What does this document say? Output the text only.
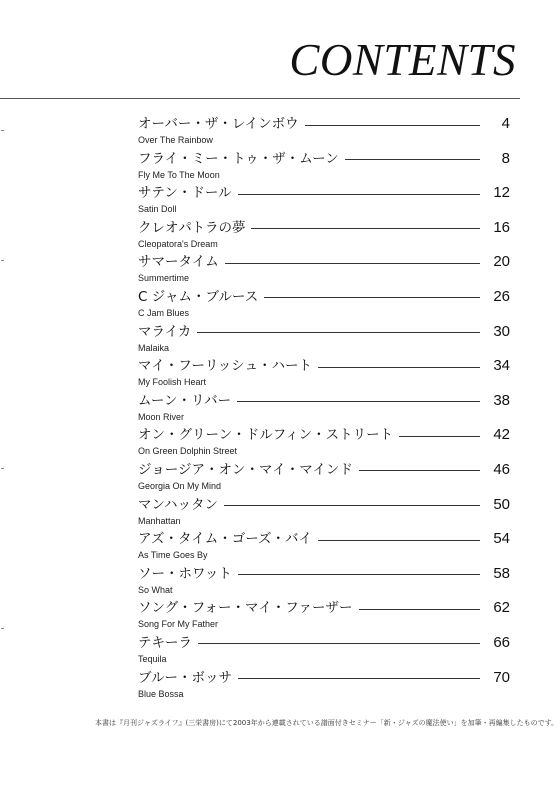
CONTENTS
オーバー・ザ・レインボウ	4
Over The Rainbow
フライ・ミー・トゥ・ザ・ムーン	8
Fly Me To The Moon
サテン・ドール	12
Satin Doll
クレオパトラの夢	16
Cleopatora's Dream
サマータイム	20
Summertime
C ジャム・ブルース	26
C Jam Blues
マライカ	30
Malaika
マイ・フーリッシュ・ハート	34
My Foolish Heart
ムーン・リバー	38
Moon River
オン・グリーン・ドルフィン・ストリート	42
On Green Dolphin Street
ジョージア・オン・マイ・マインド	46
Georgia On My Mind
マンハッタン	50
Manhattan
アズ・タイム・ゴーズ・バイ	54
As Time Goes By
ソー・ホワット	58
So What
ソング・フォー・マイ・ファーザー	62
Song For My Father
テキーラ	66
Tequila
ブルー・ボッサ	70
Blue Bossa
本書は『月刊ジャズライフ』(三栄書房)にて2003年から連載されている譜面付きセミナー「新・ジャズの魔法使い」を加筆・再編集したものです。
